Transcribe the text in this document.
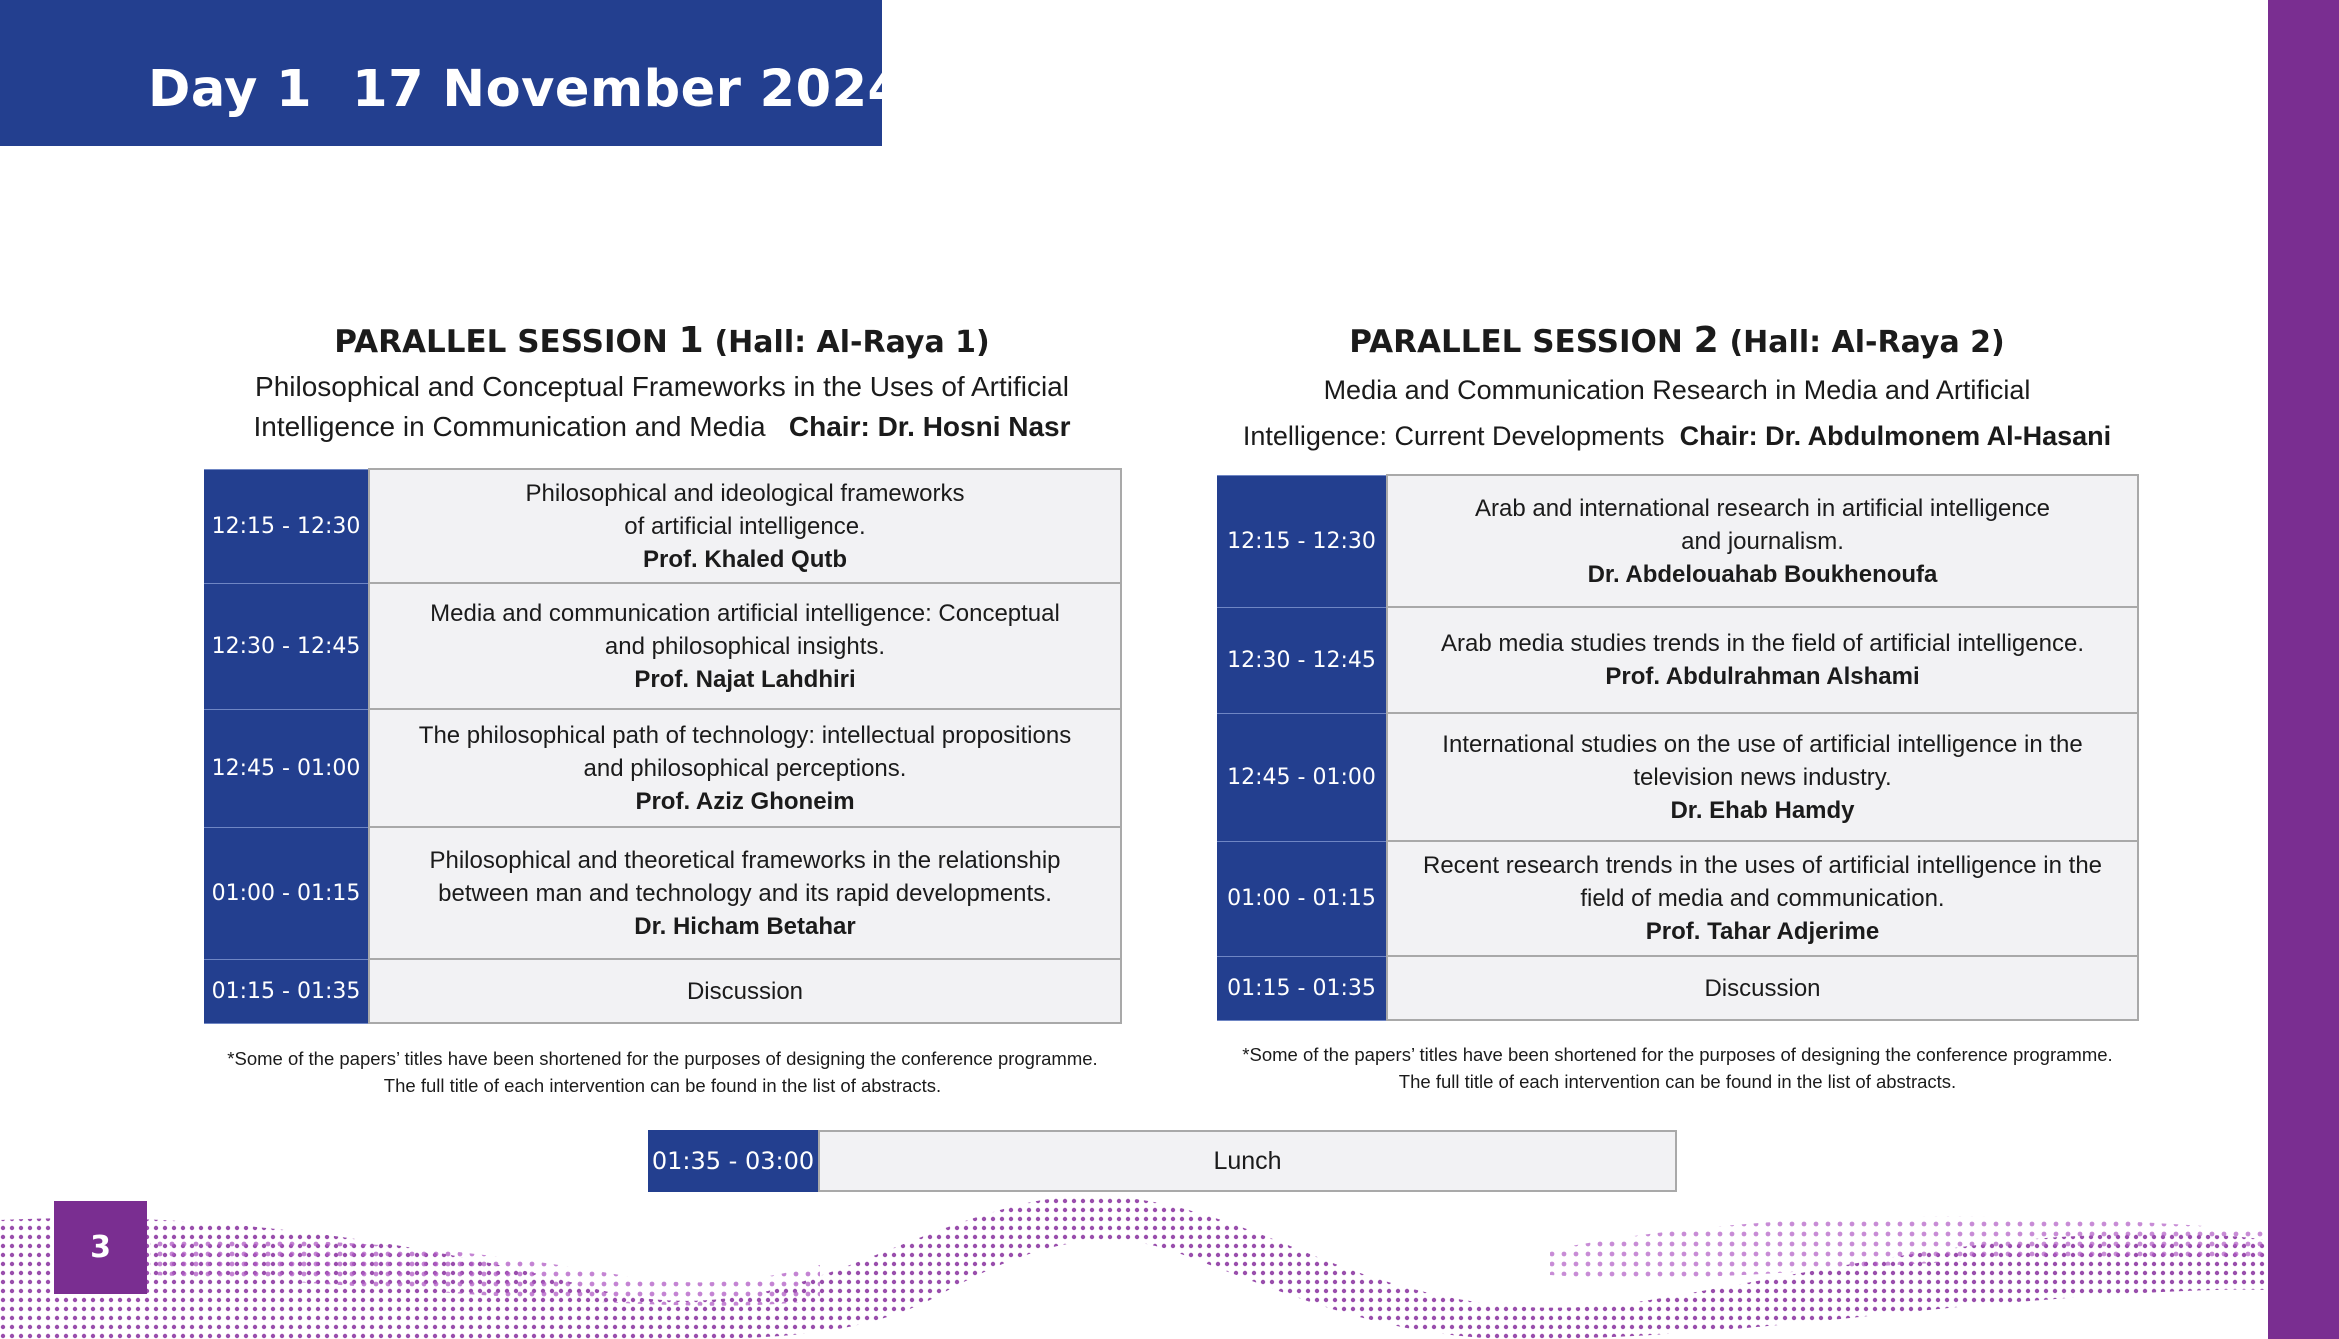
Day 1 17 November 2024
PARALLEL SESSION 1 (Hall: Al-Raya 1)
Philosophical and Conceptual Frameworks in the Uses of Artificial
Intelligence in Communication and Media Chair: Dr. Hosni Nasr
12:15 - 12:30	Philosophical and ideological frameworks
of artificial intelligence.
Prof. Khaled Qutb

12:30 - 12:45	Media and communication artificial intelligence: Conceptual
and philosophical insights.
Prof. Najat Lahdhiri

12:45 - 01:00	The philosophical path of technology: intellectual propositions
and philosophical perceptions.
Prof. Aziz Ghoneim

01:00 - 01:15	Philosophical and theoretical frameworks in the relationship
between man and technology and its rapid developments.
Dr. Hicham Betahar

01:15 - 01:35	Discussion
*Some of the papers’ titles have been shortened for the purposes of designing the conference programme.
The full title of each intervention can be found in the list of abstracts.
PARALLEL SESSION 2 (Hall: Al-Raya 2)
Media and Communication Research in Media and Artificial
Intelligence: Current Developments Chair: Dr. Abdulmonem Al-Hasani
12:15 - 12:30	Arab and international research in artificial intelligence
and journalism.
Dr. Abdelouahab Boukhenoufa

12:30 - 12:45	Arab media studies trends in the field of artificial intelligence.
Prof. Abdulrahman Alshami

12:45 - 01:00	International studies on the use of artificial intelligence in the
television news industry.
Dr. Ehab Hamdy

01:00 - 01:15	Recent research trends in the uses of artificial intelligence in the
field of media and communication.
Prof. Tahar Adjerime

01:15 - 01:35	Discussion
*Some of the papers’ titles have been shortened for the purposes of designing the conference programme.
The full title of each intervention can be found in the list of abstracts.
01:35 - 03:00	Lunch
3
